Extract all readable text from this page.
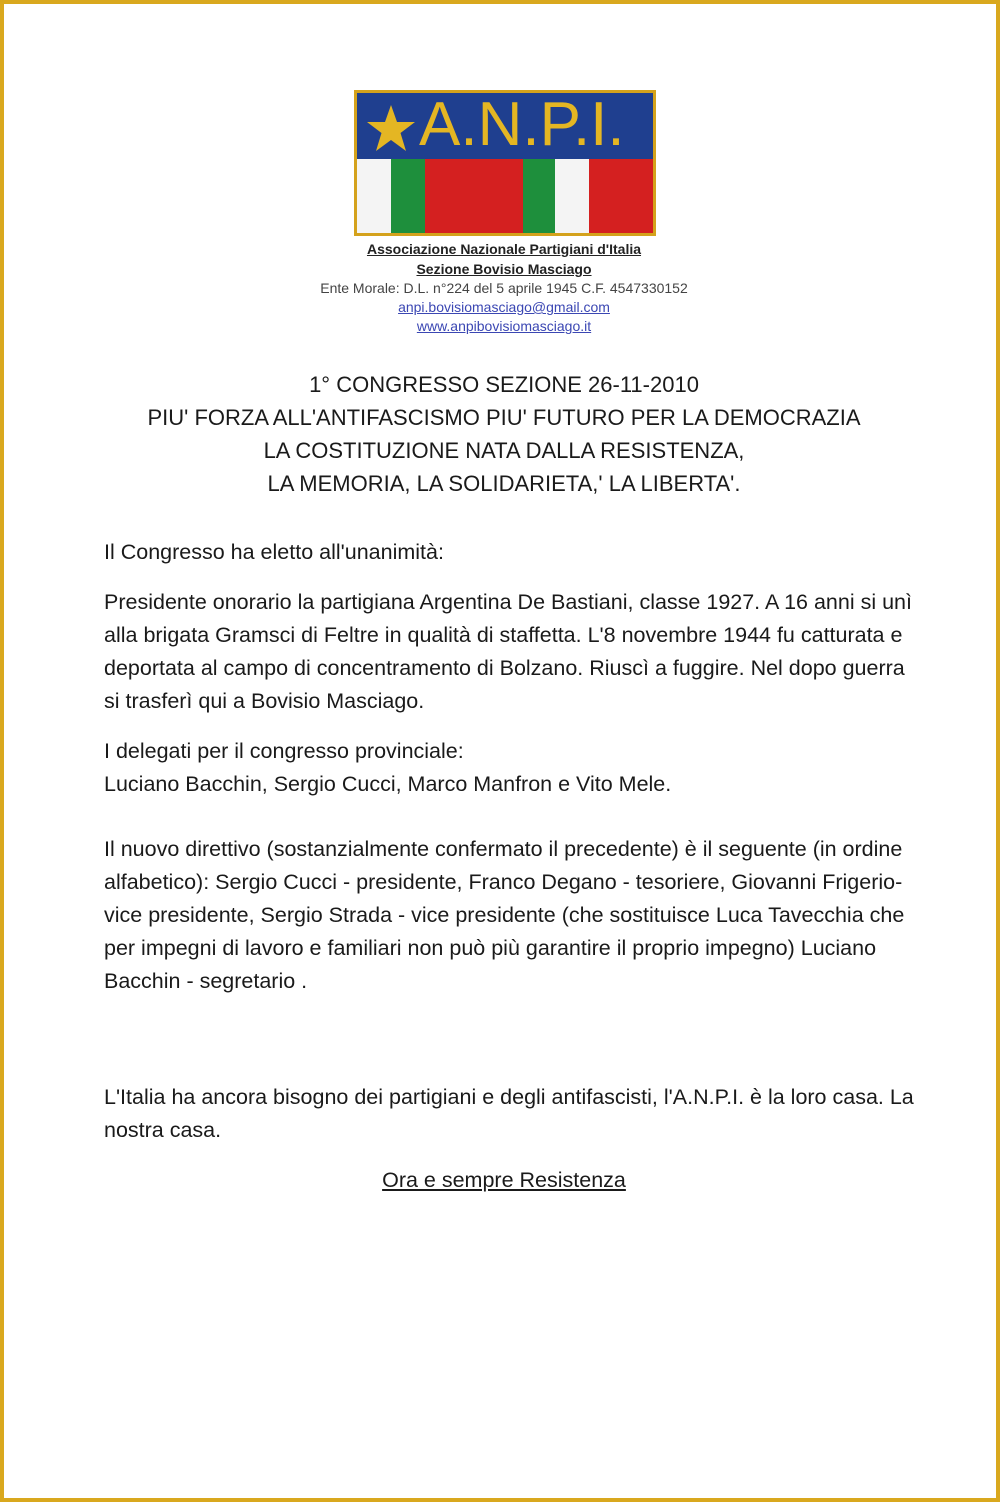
A.N.P.I.
Associazione Nazionale Partigiani d'Italia
Sezione Bovisio Masciago
Ente Morale: D.L. n°224 del 5 aprile 1945 C.F. 4547330152
anpi.bovisiomasciago@gmail.com
www.anpibovisiomasciago.it
1° CONGRESSO SEZIONE 26-11-2010
PIU' FORZA ALL'ANTIFASCISMO PIU' FUTURO PER LA DEMOCRAZIA
LA COSTITUZIONE NATA DALLA RESISTENZA,
LA MEMORIA, LA SOLIDARIETA,' LA LIBERTA'.
Il Congresso ha eletto all'unanimità:
Presidente onorario la partigiana Argentina De Bastiani, classe 1927. A 16 anni si unì alla brigata Gramsci di Feltre in qualità di staffetta. L'8 novembre 1944 fu catturata e deportata al campo di concentramento di Bolzano. Riuscì a fuggire. Nel dopo guerra si trasferì qui a Bovisio Masciago.
I delegati per il congresso provinciale:
Luciano Bacchin, Sergio Cucci, Marco Manfron e Vito Mele.
Il nuovo direttivo (sostanzialmente confermato il precedente) è il seguente (in ordine alfabetico): Sergio Cucci - presidente, Franco Degano - tesoriere, Giovanni Frigerio-vice presidente, Sergio Strada - vice presidente (che sostituisce Luca Tavecchia che per impegni di lavoro e familiari non può più garantire il proprio impegno) Luciano Bacchin - segretario .
L'Italia ha ancora bisogno dei partigiani e degli antifascisti, l'A.N.P.I. è la loro casa. La nostra casa.
Ora e sempre Resistenza
